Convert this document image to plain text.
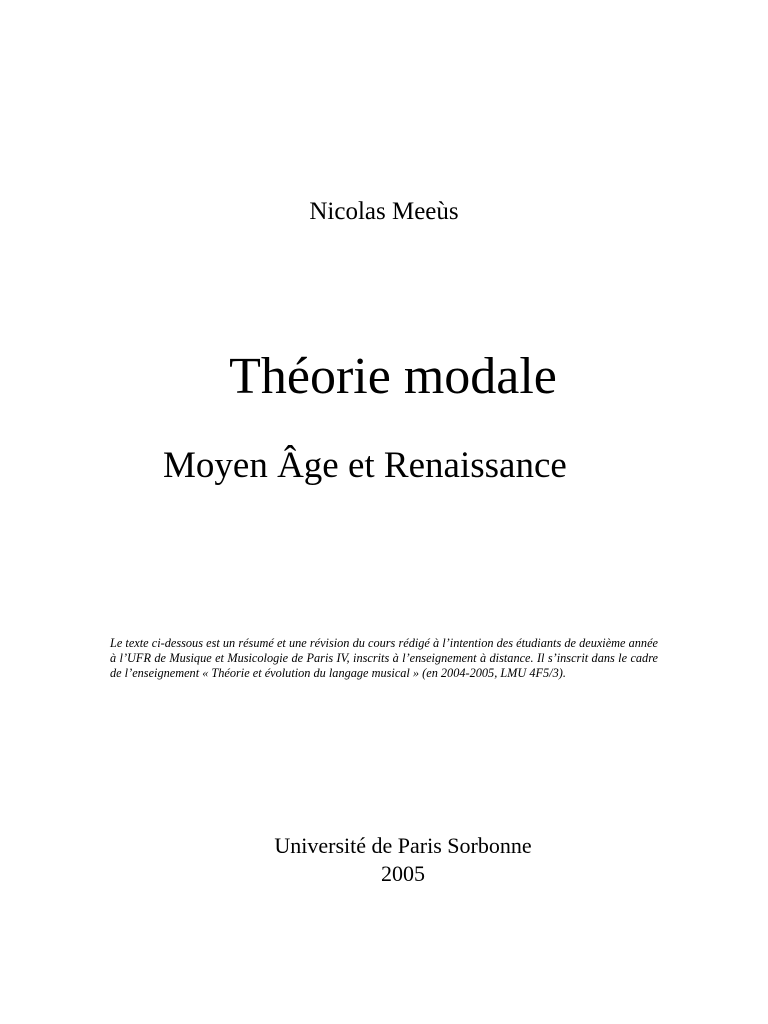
Nicolas Meeùs
Théorie modale
Moyen Âge et Renaissance
Le texte ci-dessous est un résumé et une révision du cours rédigé à l’intention des étudiants de deuxième année
à l’UFR de Musique et Musicologie de Paris IV, inscrits à l’enseignement à distance. Il s’inscrit dans le cadre
de l’enseignement « Théorie et évolution du langage musical » (en 2004-2005, LMU 4F5/3).
Université de Paris Sorbonne
2005
